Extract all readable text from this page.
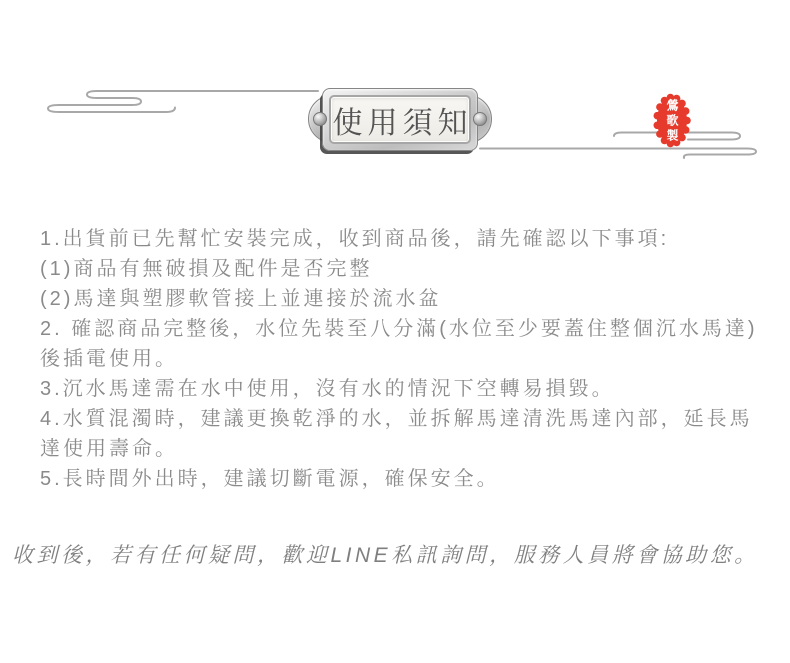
使用須知	鶯歌製
1.出貨前已先幫忙安裝完成，收到商品後，請先確認以下事項:
(1)商品有無破損及配件是否完整
(2)馬達與塑膠軟管接上並連接於流水盆
2. 確認商品完整後，水位先裝至八分滿(水位至少要蓋住整個沉水馬達)
後插電使用。
3.沉水馬達需在水中使用，沒有水的情況下空轉易損毀。
4.水質混濁時，建議更換乾淨的水，並拆解馬達清洗馬達內部，延長馬
達使用壽命。
5.長時間外出時，建議切斷電源，確保安全。
收到後，若有任何疑問，歡迎LINE私訊詢問，服務人員將會協助您。
